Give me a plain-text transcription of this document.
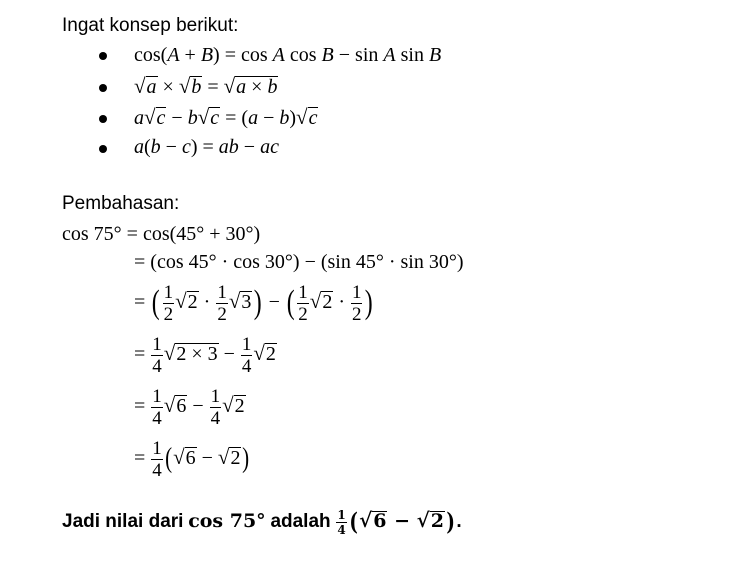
Ingat konsep berikut:
cos(A + B) = cos A cos B − sin A sin B
√a × √b = √a × b
a√c − b√c = (a − b)√c
a(b − c) = ab − ac
Pembahasan:
cos 75° = cos(45° + 30°)
= (cos 45° · cos 30°) − (sin 45° · sin 30°)
= ( $\frac{1}{2} √2 \cdot \frac{1}{2} √3$) − ( $\frac{1}{2} √2 \cdot \frac{1}{2}$ )
= $\frac{1}{4} √2 \times 3 - \frac{1}{4} √2$
= $\frac{1}{4} √6 - \frac{1}{4} √2$
= $\frac{1}{4} (√6 - √2)$
Jadi nilai dari cos 75° adalah $\frac{1}{4} (√6 - √2$ ).
